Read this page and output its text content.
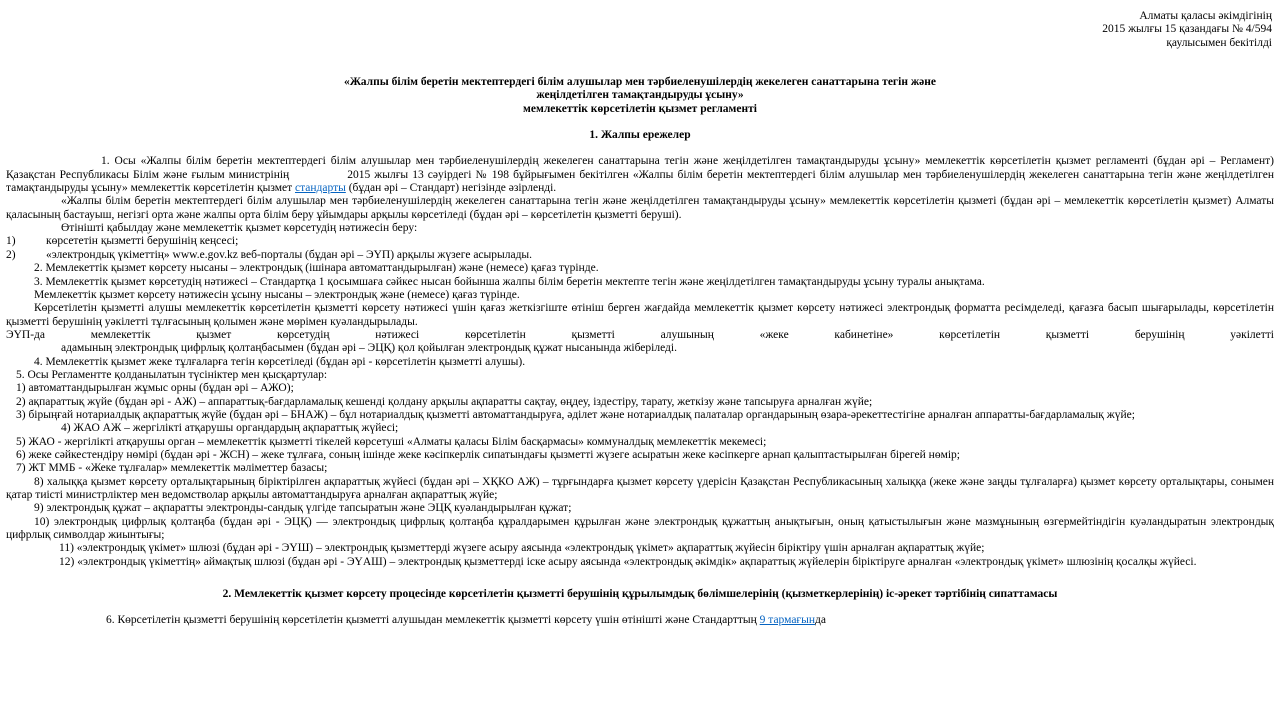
Алматы қаласы әкімдігінің
2015 жылғы 15 қазандағы № 4/594
қаулысымен бекітілді
«Жалпы білім беретін мектептердегі білім алушылар мен тәрбиеленушілердің жекелеген санаттарына тегін және
жеңілдетілген тамақтандыруды ұсыну»
мемлекеттік көрсетілетін қызмет регламенті
1. Жалпы ережелер

1. Осы «Жалпы білім беретін мектептердегі білім алушылар мен тәрбиеленушілердің жекелеген санаттарына тегін және жеңілдетілген тамақтандыруды ұсыну» мемлекеттік көрсетілетін қызмет регламенті (бұдан әрі – Регламент) Қазақстан Республикасы Білім және ғылым министрінің	2015 жылғы 13 сәуірдегі № 198 бұйрығымен бекітілген «Жалпы білім беретін мектептердегі білім алушылар мен тәрбиеленушілердің жекелеген санаттарына тегін және жеңілдетілген тамақтандыруды ұсыну» мемлекеттік көрсетілетін қызмет стандарты (бұдан әрі – Стандарт) негізінде әзірленді.

«Жалпы білім беретін мектептердегі білім алушылар мен тәрбиеленушілердің жекелеген санаттарына тегін және жеңілдетілген тамақтандыруды ұсыну» мемлекеттік көрсетілетін қызметі (бұдан әрі – мемлекеттік көрсетілетін қызмет) Алматы қаласының бастауыш, негізгі орта және жалпы орта білім беру ұйымдары арқылы көрсетіледі (бұдан әрі – көрсетілетін қызметті беруші).

Өтінішті қабылдау және мемлекеттік қызмет көрсетудің нәтижесін беру:

1)	көрсететін қызметті берушінің кеңсесі;

2)	«электрондық үкіметтің» www.e.gov.kz веб-порталы (бұдан әрі – ЭҮП) арқылы жүзеге асырылады.

2. Мемлекеттік қызмет көрсету нысаны – электрондық (ішінара автоматтандырылған) және (немесе) қағаз түрінде.

3. Мемлекеттік қызмет көрсетудің нәтижесі – Стандартқа 1 қосымшаға сәйкес нысан бойынша жалпы білім беретін мектепте тегін және жеңілдетілген тамақтандыруды ұсыну туралы анықтама.

Мемлекеттік қызмет көрсету нәтижесін ұсыну нысаны – электрондық және (немесе) қағаз түрінде.

Көрсетілетін қызметті алушы мемлекеттік көрсетілетін қызметті көрсету нәтижесі үшін қағаз жеткізгіште өтініш берген жағдайда мемлекеттік қызмет көрсету нәтижесі электрондық форматта ресімделеді, қағазға басып шығарылады, көрсетілетін қызметті берушінің уәкілетті тұлғасының қолымен және мөрімен куәландырылады.

ЭҮП-да мемлекеттік қызмет көрсетудің нәтижесі көрсетілетін қызметті алушының «жеке кабинетіне» көрсетілетін қызметті берушінің уәкілетті

адамының электрондық цифрлық қолтаңбасымен (бұдан әрі – ЭЦҚ) қол қойылған электрондық құжат нысанында жіберіледі.

4. Мемлекеттік қызмет жеке тұлғаларға тегін көрсетіледі (бұдан әрі - көрсетілетін қызметті алушы).

5. Осы Регламентте қолданылатын түсініктер мен қысқартулар:

1) автоматтандырылған жұмыс орны (бұдан әрі – АЖО);

2) ақпараттық жүйе (бұдан әрі - АЖ) – аппараттық-бағдарламалық кешенді қолдану арқылы ақпаратты сақтау, өңдеу, іздестіру, тарату, жеткізу және тапсыруға арналған жүйе;

3) бірыңғай нотариалдық ақпараттық жүйе (бұдан әрі – БНАЖ) – бұл нотариалдық қызметті автоматтандыруға, әділет және нотариалдық палаталар органдарының өзара-әрекеттестігіне арналған аппаратты-бағдарламалық жүйе;

4) ЖАО АЖ – жергілікті атқарушы органдардың ақпараттық жүйесі;

5) ЖАО - жергілікті атқарушы орган – мемлекеттік қызметті тікелей көрсетуші «Алматы қаласы Білім басқармасы» коммуналдық мемлекеттік мекемесі;

6) жеке сәйкестендіру нөмірі (бұдан әрі - ЖСН) – жеке тұлғаға, соның ішінде жеке кәсіпкерлік сипатындағы қызметті жүзеге асыратын жеке кәсіпкерге арнап қалыптастырылған бірегей нөмір;

7) ЖТ ММБ - «Жеке тұлғалар» мемлекеттік мәліметтер базасы;

8) халыққа қызмет көрсету орталықтарының біріктірілген ақпараттық жүйесі (бұдан әрі – ХҚКО АЖ) – тұрғындарға қызмет көрсету үдерісін Қазақстан Республикасының халыққа (жеке және заңды тұлғаларға) қызмет көрсету орталықтары, сонымен қатар тиісті министрліктер мен ведомстволар арқылы автоматтандыруға арналған ақпараттық жүйе;

9) электрондық құжат – ақпаратты электронды-сандық үлгіде тапсыратын және ЭЦҚ куәландырылған құжат;

10) электрондық цифрлық қолтаңба (бұдан әрі - ЭЦҚ) — электрондық цифрлық қолтаңба құралдарымен құрылған және электрондық құжаттың анықтығын, оның қатыстылығын және мазмұнының өзгермейтіндігін куәландыратын электрондық цифрлық символдар жиынтығы;

11) «электрондық үкімет» шлюзі (бұдан әрі - ЭҮШ) – электрондық қызметтерді жүзеге асыру аясында «электрондық үкімет» ақпараттық жүйесін біріктіру үшін арналған ақпараттық жүйе;

12) «электрондық үкіметтің» аймақтық шлюзі (бұдан әрі - ЭҮАШ) – электрондық қызметтерді іске асыру аясында «электрондық әкімдік» ақпараттық жүйелерін біріктіруге арналған «электрондық үкімет» шлюзінің қосалқы жүйесі.

2. Мемлекеттік қызмет көрсету процесінде көрсетілетін қызметті берушінің құрылымдық бөлімшелерінің (қызметкерлерінің) іс-әрекет тәртібінің сипаттамасы

6. Көрсетілетін қызметті берушінің көрсетілетін қызметті алушыдан мемлекеттік қызметті көрсету үшін өтінішті және Стандарттың 9 тармағында
